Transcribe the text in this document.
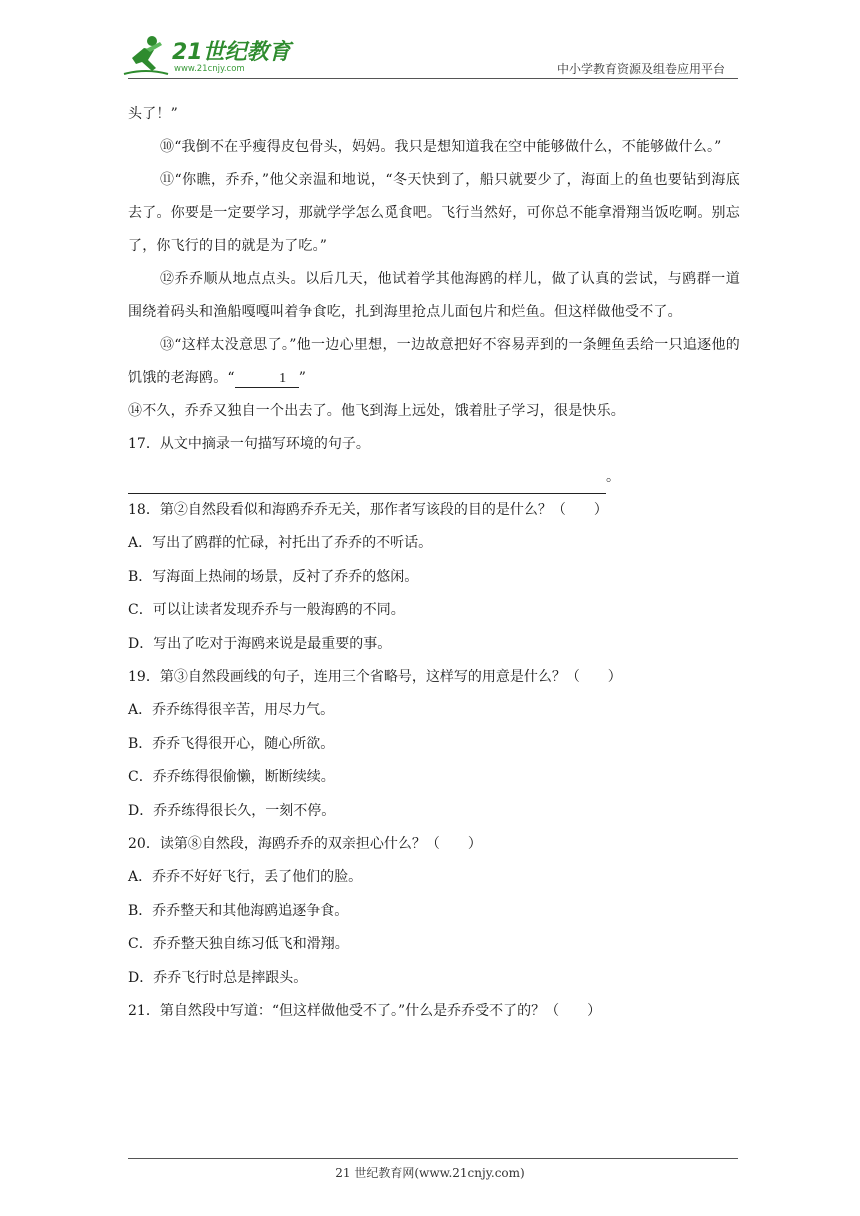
21世纪教育
www.21cnjy.com	中小学教育资源及组卷应用平台

头了！”

⑩“我倒不在乎瘦得皮包骨头，妈妈。我只是想知道我在空中能够做什么，不能够做什么。”

⑪“你瞧，乔乔，”他父亲温和地说，“冬天快到了，船只就要少了，海面上的鱼也要钻到海底去了。你要是一定要学习，那就学学怎么觅食吧。飞行当然好，可你总不能拿滑翔当饭吃啊。别忘了，你飞行的目的就是为了吃。”

⑫乔乔顺从地点点头。以后几天，他试着学其他海鸥的样儿，做了认真的尝试，与鸥群一道围绕着码头和渔船嘎嘎叫着争食吃，扎到海里抢点儿面包片和烂鱼。但这样做他受不了。

⑬“这样太没意思了。”他一边心里想，一边故意把好不容易弄到的一条鲤鱼丢给一只追逐他的饥饿的老海鸥。“	1 ”

⑭不久，乔乔又独自一个出去了。他飞到海上远处，饿着肚子学习，很是快乐。

17．从文中摘录一句描写环境的句子。

。

18．第②自然段看似和海鸥乔乔无关，那作者写该段的目的是什么？（　　）

A．写出了鸥群的忙碌，衬托出了乔乔的不听话。

B．写海面上热闹的场景，反衬了乔乔的悠闲。

C．可以让读者发现乔乔与一般海鸥的不同。

D．写出了吃对于海鸥来说是最重要的事。

19．第③自然段画线的句子，连用三个省略号，这样写的用意是什么？（　　）

A．乔乔练得很辛苦，用尽力气。

B．乔乔飞得很开心，随心所欲。

C．乔乔练得很偷懒，断断续续。

D．乔乔练得很长久，一刻不停。

20．读第⑧自然段，海鸥乔乔的双亲担心什么？（　　）

A．乔乔不好好飞行，丢了他们的脸。

B．乔乔整天和其他海鸥追逐争食。

C．乔乔整天独自练习低飞和滑翔。

D．乔乔飞行时总是摔跟头。

21．第自然段中写道：“但这样做他受不了。”什么是乔乔受不了的？（　　）

21 世纪教育网(www.21cnjy.com)
